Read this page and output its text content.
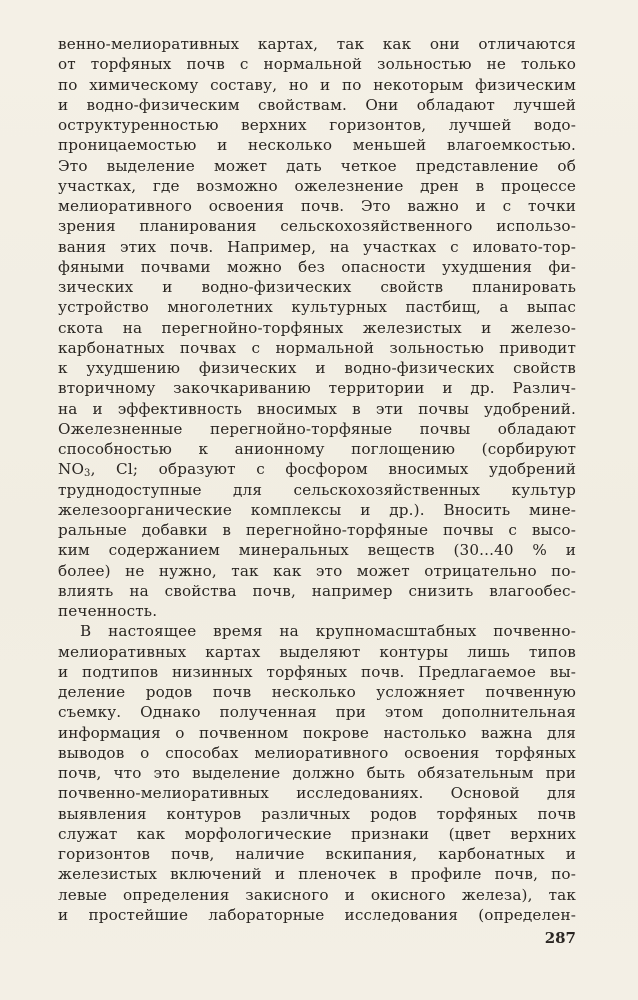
венно-мелиоративных картах, так как они отличаются
от торфяных почв с нормальной зольностью не только
по химическому составу, но и по некоторым физическим
и водно-физическим свойствам. Они обладают лучшей
оструктуренностью верхних горизонтов, лучшей водо-
проницаемостью и несколько меньшей влагоемкостью.
Это выделение может дать четкое представление об
участках, где возможно ожелезнение дрен в процессе
мелиоративного освоения почв. Это важно и с точки
зрения планирования сельскохозяйственного использо-
вания этих почв. Например, на участках с иловато-тор-
фяными почвами можно без опасности ухудшения фи-
зических и водно-физических свойств планировать
устройство многолетних культурных пастбищ, а выпас
скота на перегнойно-торфяных железистых и железо-
карбонатных почвах с нормальной зольностью приводит
к ухудшению физических и водно-физических свойств
вторичному закочкариванию территории и др. Различ-
на и эффективность вносимых в эти почвы удобрений.
Ожелезненные перегнойно-торфяные почвы обладают
способностью к анионному поглощению (сорбируют
$NO_3$, Cl; образуют с фосфором вносимых удобрений
труднодоступные для сельскохозяйственных культур
железоорганические комплексы и др.). Вносить мине-
ральные добавки в перегнойно-торфяные почвы с высо-
ким содержанием минеральных веществ (30...40 % и
более) не нужно, так как это может отрицательно по-
влиять на свойства почв, например снизить влагообес-
печенность.
В настоящее время на крупномасштабных почвенно-
мелиоративных картах выделяют контуры лишь типов
и подтипов низинных торфяных почв. Предлагаемое вы-
деление родов почв несколько усложняет почвенную
съемку. Однако полученная при этом дополнительная
информация о почвенном покрове настолько важна для
выводов о способах мелиоративного освоения торфяных
почв, что это выделение должно быть обязательным при
почвенно-мелиоративных исследованиях. Основой для
выявления контуров различных родов торфяных почв
служат как морфологические признаки (цвет верхних
горизонтов почв, наличие вскипания, карбонатных и
железистых включений и пленочек в профиле почв, по-
левые определения закисного и окисного железа), так
и простейшие лабораторные исследования (определен-
287
